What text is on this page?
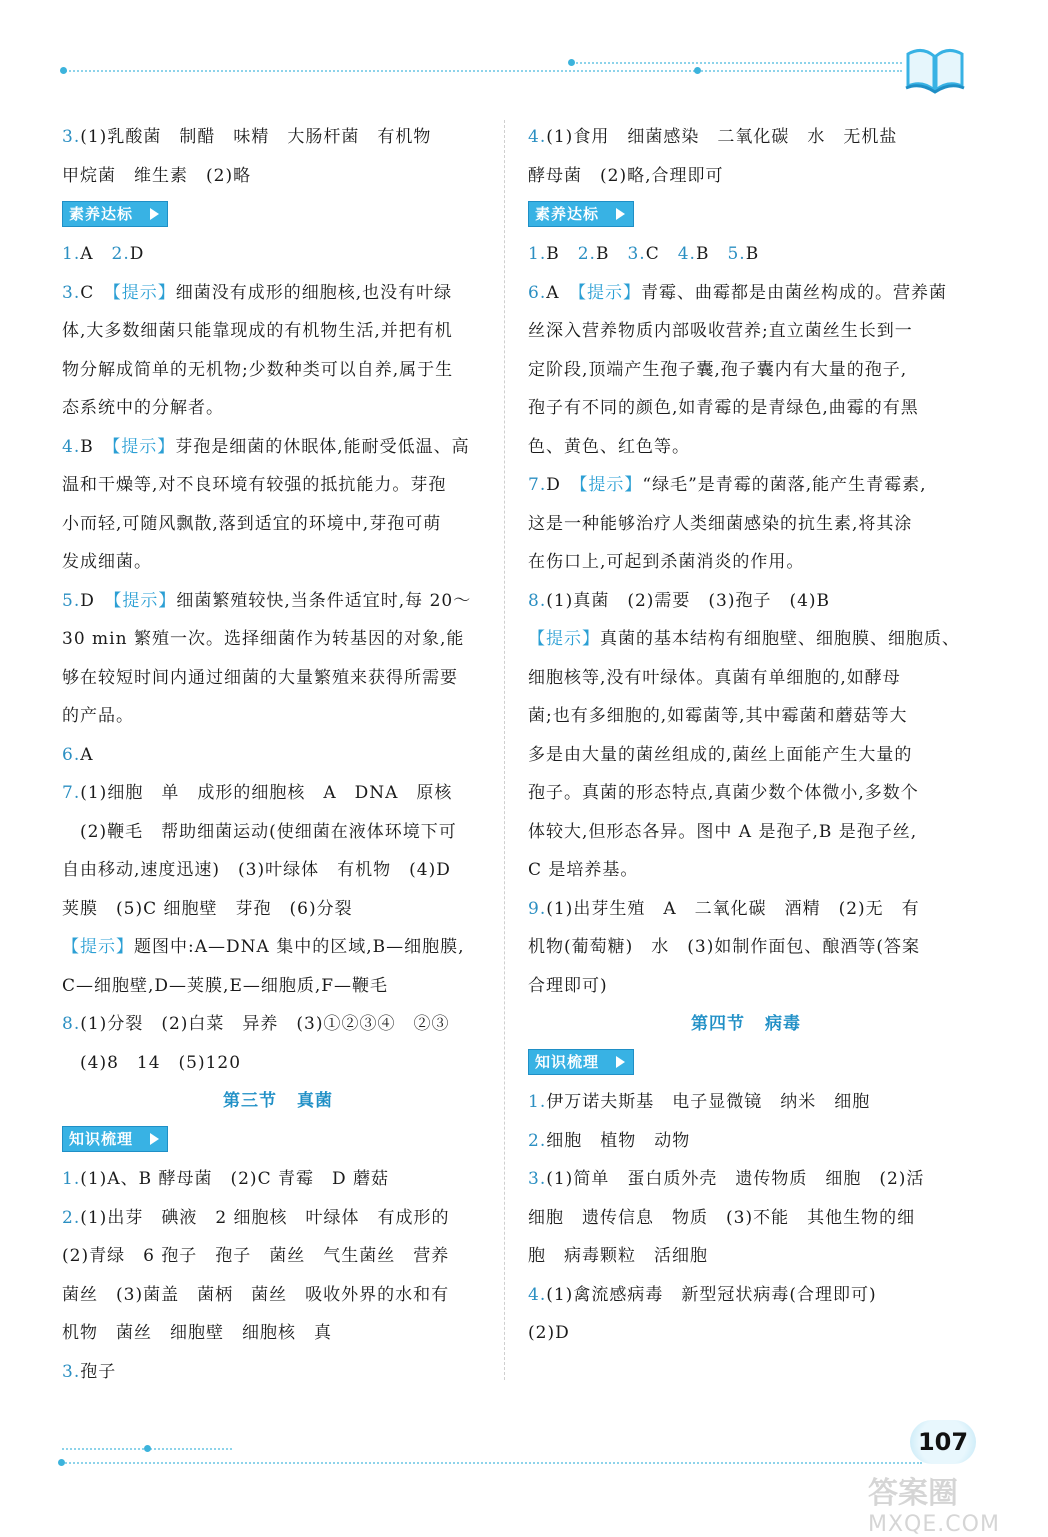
3.(1)乳酸菌　制醋　味精　大肠杆菌　有机物
甲烷菌　维生素　(2)略
素养达标
1.A　2.D
3.C　【提示】细菌没有成形的细胞核,也没有叶绿
体,大多数细菌只能靠现成的有机物生活,并把有机
物分解成简单的无机物;少数种类可以自养,属于生
态系统中的分解者。
4.B　【提示】芽孢是细菌的休眠体,能耐受低温、高
温和干燥等,对不良环境有较强的抵抗能力。芽孢
小而轻,可随风飘散,落到适宜的环境中,芽孢可萌
发成细菌。
5.D　【提示】细菌繁殖较快,当条件适宜时,每 20～
30 min 繁殖一次。选择细菌作为转基因的对象,能
够在较短时间内通过细菌的大量繁殖来获得所需要
的产品。
6.A
7.(1)细胞　单　成形的细胞核　A　DNA　原核
　(2)鞭毛　帮助细菌运动(使细菌在液体环境下可
自由移动,速度迅速)　(3)叶绿体　有机物　(4)D
荚膜　(5)C 细胞壁　芽孢　(6)分裂
【提示】题图中:A—DNA 集中的区域,B—细胞膜,
C—细胞壁,D—荚膜,E—细胞质,F—鞭毛
8.(1)分裂　(2)白菜　异养　(3)①②③④　②③
　(4)8　14　(5)120
第三节 真菌
知识梳理
1.(1)A、B 酵母菌　(2)C 青霉　D 蘑菇
2.(1)出芽　碘液　2 细胞核　叶绿体　有成形的
(2)青绿　6 孢子　孢子　菌丝　气生菌丝　营养
菌丝　(3)菌盖　菌柄　菌丝　吸收外界的水和有
机物　菌丝　细胞壁　细胞核　真
3.孢子
4.(1)食用　细菌感染　二氧化碳　水　无机盐
酵母菌　(2)略,合理即可
素养达标
1.B　2.B　3.C　4.B　5.B
6.A　【提示】青霉、曲霉都是由菌丝构成的。营养菌
丝深入营养物质内部吸收营养;直立菌丝生长到一
定阶段,顶端产生孢子囊,孢子囊内有大量的孢子,
孢子有不同的颜色,如青霉的是青绿色,曲霉的有黑
色、黄色、红色等。
7.D　【提示】“绿毛”是青霉的菌落,能产生青霉素,
这是一种能够治疗人类细菌感染的抗生素,将其涂
在伤口上,可起到杀菌消炎的作用。
8.(1)真菌　(2)需要　(3)孢子　(4)B
【提示】真菌的基本结构有细胞壁、细胞膜、细胞质、
细胞核等,没有叶绿体。真菌有单细胞的,如酵母
菌;也有多细胞的,如霉菌等,其中霉菌和蘑菇等大
多是由大量的菌丝组成的,菌丝上面能产生大量的
孢子。真菌的形态特点,真菌少数个体微小,多数个
体较大,但形态各异。图中 A 是孢子,B 是孢子丝,
C 是培养基。
9.(1)出芽生殖　A　二氧化碳　酒精　(2)无　有
机物(葡萄糖)　水　(3)如制作面包、酿酒等(答案
合理即可)
第四节 病毒
知识梳理
1.伊万诺夫斯基　电子显微镜　纳米　细胞
2.细胞　植物　动物
3.(1)简单　蛋白质外壳　遗传物质　细胞　(2)活
细胞　遗传信息　物质　(3)不能　其他生物的细
胞　病毒颗粒　活细胞
4.(1)禽流感病毒　新型冠状病毒(合理即可)
(2)D
107
答案圈
MXQE.COM
